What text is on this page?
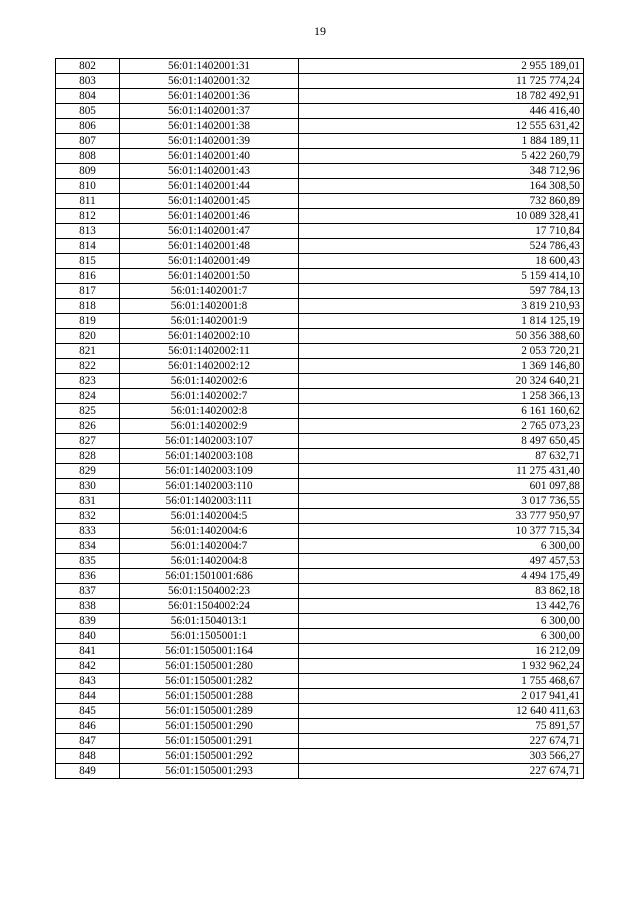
19
802	56:01:1402001:31	2 955 189,01
803	56:01:1402001:32	11 725 774,24
804	56:01:1402001:36	18 782 492,91
805	56:01:1402001:37	446 416,40
806	56:01:1402001:38	12 555 631,42
807	56:01:1402001:39	1 884 189,11
808	56:01:1402001:40	5 422 260,79
809	56:01:1402001:43	348 712,96
810	56:01:1402001:44	164 308,50
811	56:01:1402001:45	732 860,89
812	56:01:1402001:46	10 089 328,41
813	56:01:1402001:47	17 710,84
814	56:01:1402001:48	524 786,43
815	56:01:1402001:49	18 600,43
816	56:01:1402001:50	5 159 414,10
817	56:01:1402001:7	597 784,13
818	56:01:1402001:8	3 819 210,93
819	56:01:1402001:9	1 814 125,19
820	56:01:1402002:10	50 356 388,60
821	56:01:1402002:11	2 053 720,21
822	56:01:1402002:12	1 369 146,80
823	56:01:1402002:6	20 324 640,21
824	56:01:1402002:7	1 258 366,13
825	56:01:1402002:8	6 161 160,62
826	56:01:1402002:9	2 765 073,23
827	56:01:1402003:107	8 497 650,45
828	56:01:1402003:108	87 632,71
829	56:01:1402003:109	11 275 431,40
830	56:01:1402003:110	601 097,88
831	56:01:1402003:111	3 017 736,55
832	56:01:1402004:5	33 777 950,97
833	56:01:1402004:6	10 377 715,34
834	56:01:1402004:7	6 300,00
835	56:01:1402004:8	497 457,53
836	56:01:1501001:686	4 494 175,49
837	56:01:1504002:23	83 862,18
838	56:01:1504002:24	13 442,76
839	56:01:1504013:1	6 300,00
840	56:01:1505001:1	6 300,00
841	56:01:1505001:164	16 212,09
842	56:01:1505001:280	1 932 962,24
843	56:01:1505001:282	1 755 468,67
844	56:01:1505001:288	2 017 941,41
845	56:01:1505001:289	12 640 411,63
846	56:01:1505001:290	75 891,57
847	56:01:1505001:291	227 674,71
848	56:01:1505001:292	303 566,27
849	56:01:1505001:293	227 674,71
